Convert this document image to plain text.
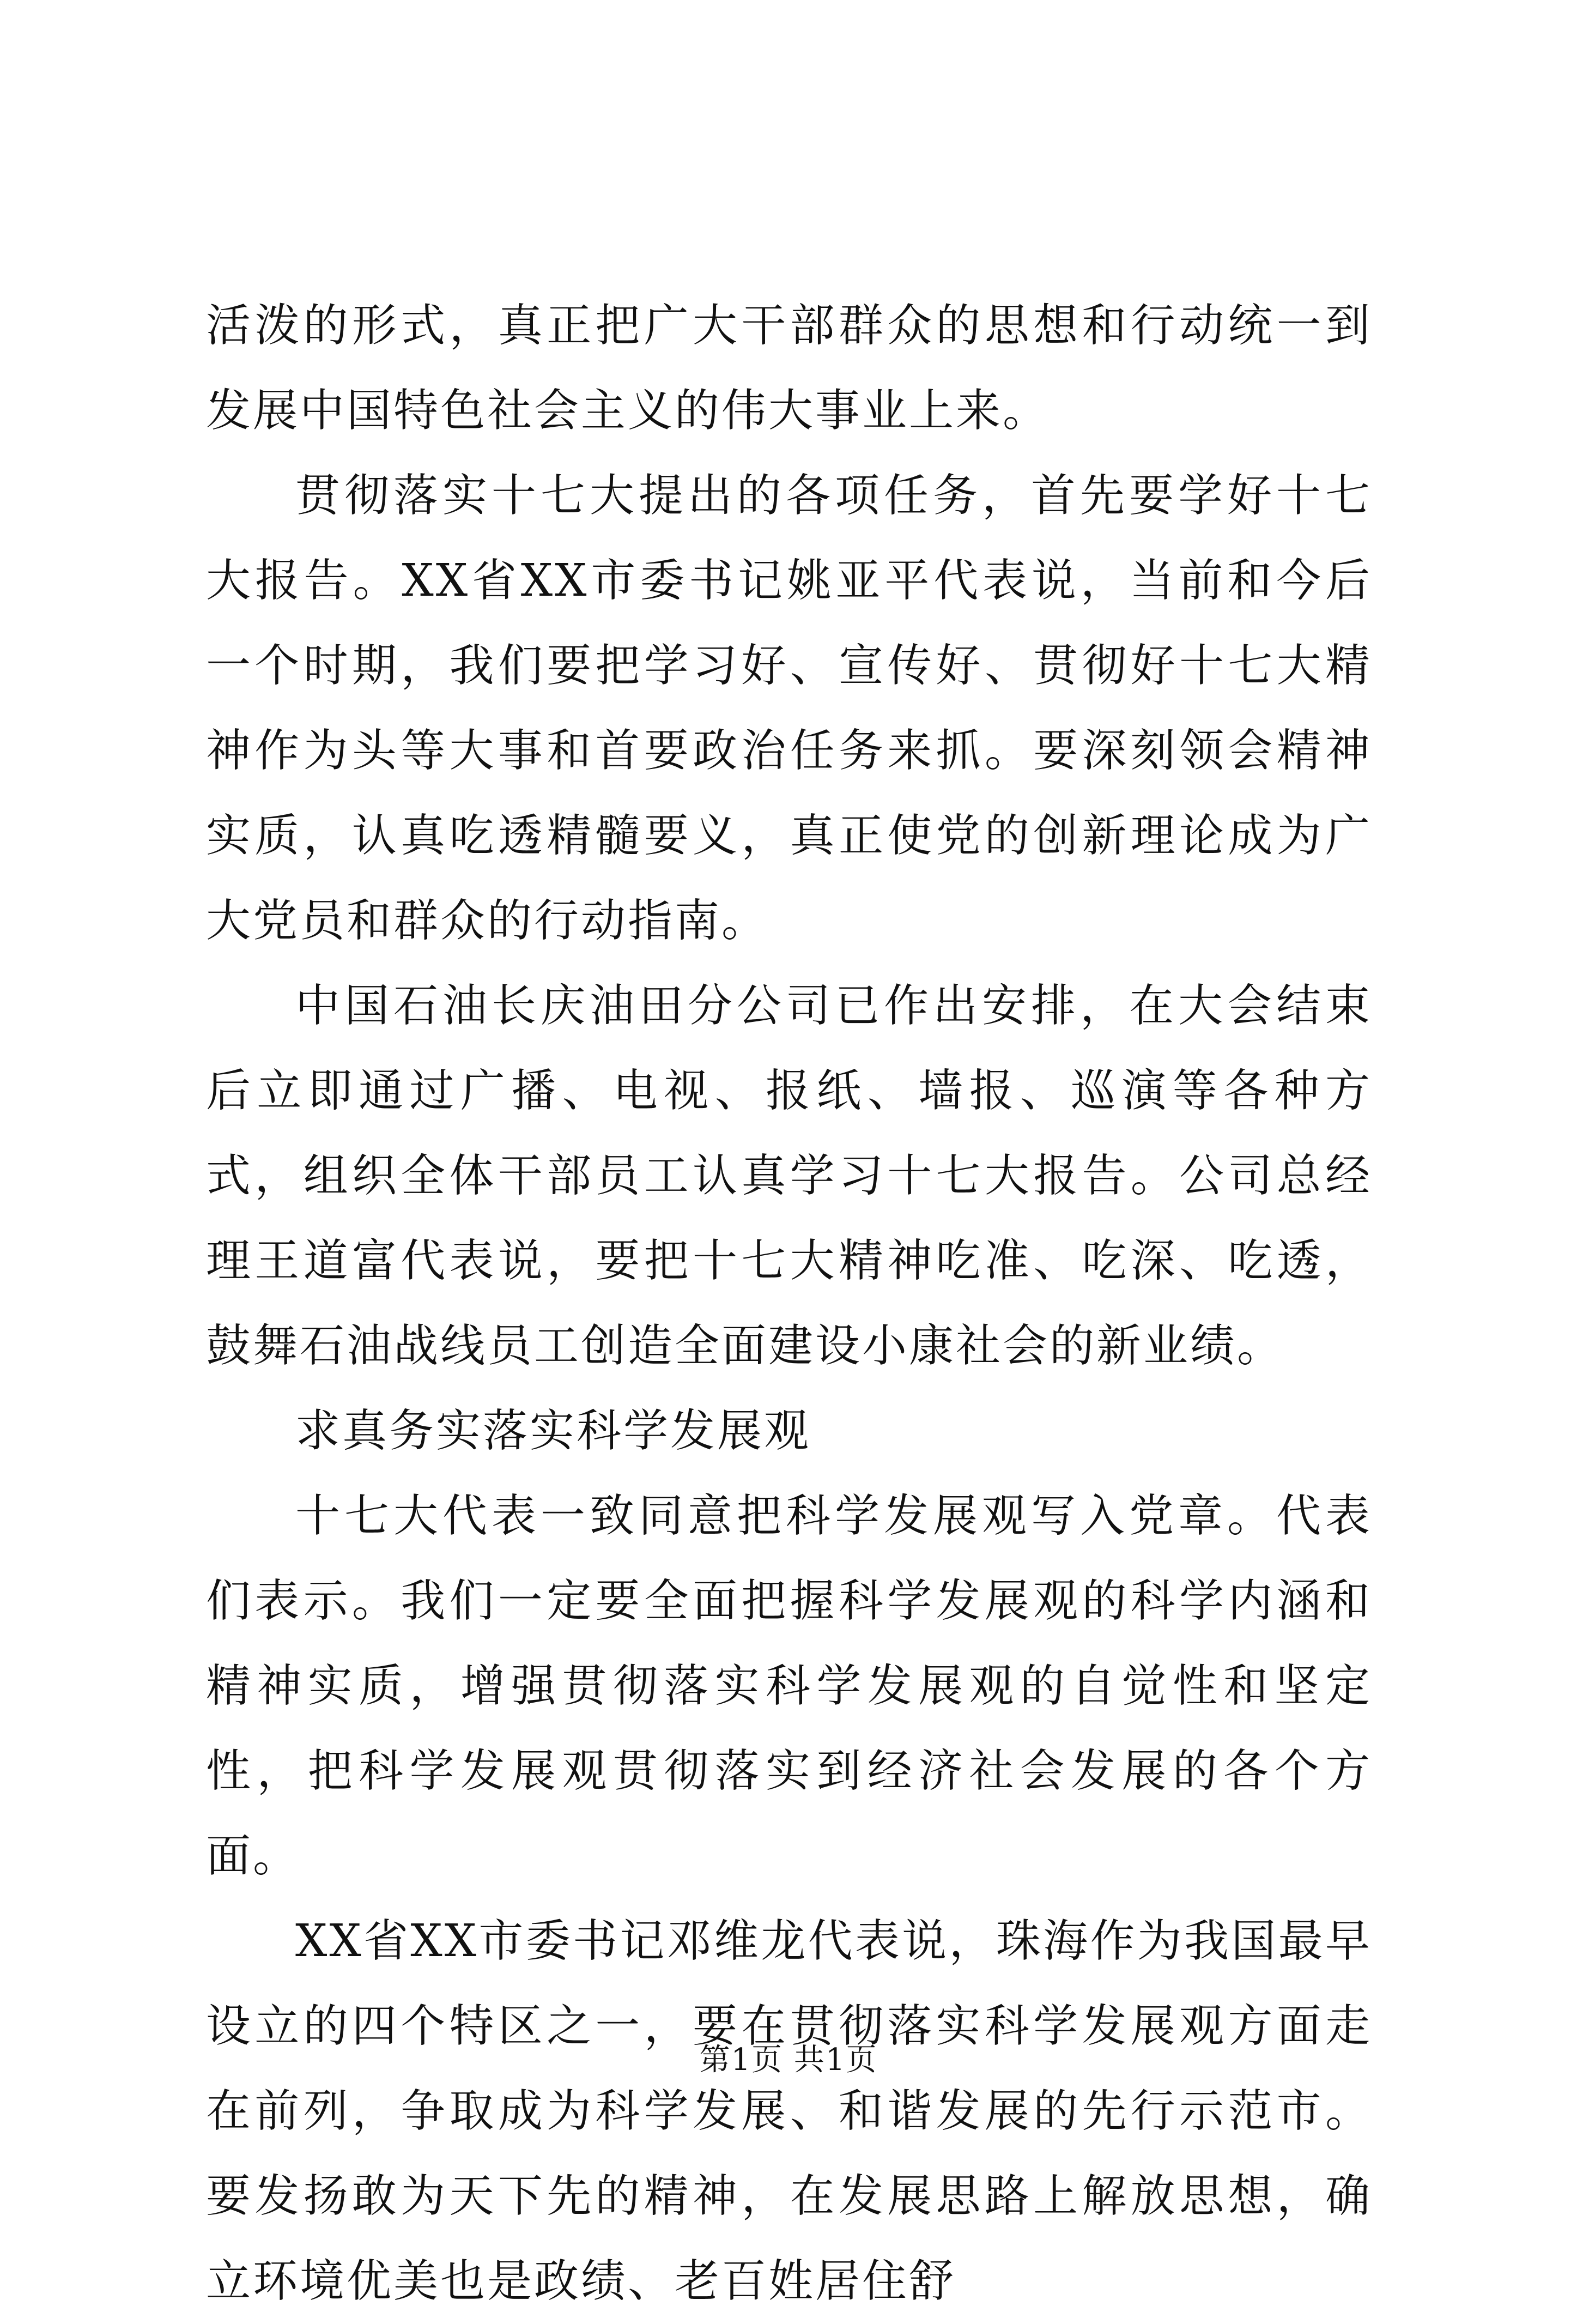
活泼的形式，真正把广大干部群众的思想和行动统一到发展中国特色社会主义的伟大事业上来。

贯彻落实十七大提出的各项任务，首先要学好十七大报告。XX省XX市委书记姚亚平代表说，当前和今后一个时期，我们要把学习好、宣传好、贯彻好十七大精神作为头等大事和首要政治任务来抓。要深刻领会精神实质，认真吃透精髓要义，真正使党的创新理论成为广大党员和群众的行动指南。

中国石油长庆油田分公司已作出安排，在大会结束后立即通过广播、电视、报纸、墙报、巡演等各种方式，组织全体干部员工认真学习十七大报告。公司总经理王道富代表说，要把十七大精神吃准、吃深、吃透，鼓舞石油战线员工创造全面建设小康社会的新业绩。

求真务实落实科学发展观

十七大代表一致同意把科学发展观写入党章。代表们表示。我们一定要全面把握科学发展观的科学内涵和精神实质，增强贯彻落实科学发展观的自觉性和坚定性，把科学发展观贯彻落实到经济社会发展的各个方面。

XX省XX市委书记邓维龙代表说，珠海作为我国最早设立的四个特区之一，要在贯彻落实科学发展观方面走在前列，争取成为科学发展、和谐发展的先行示范市。要发扬敢为天下先的精神，在发展思路上解放思想，确立环境优美也是政绩、老百姓居住舒

第1页 共1页
